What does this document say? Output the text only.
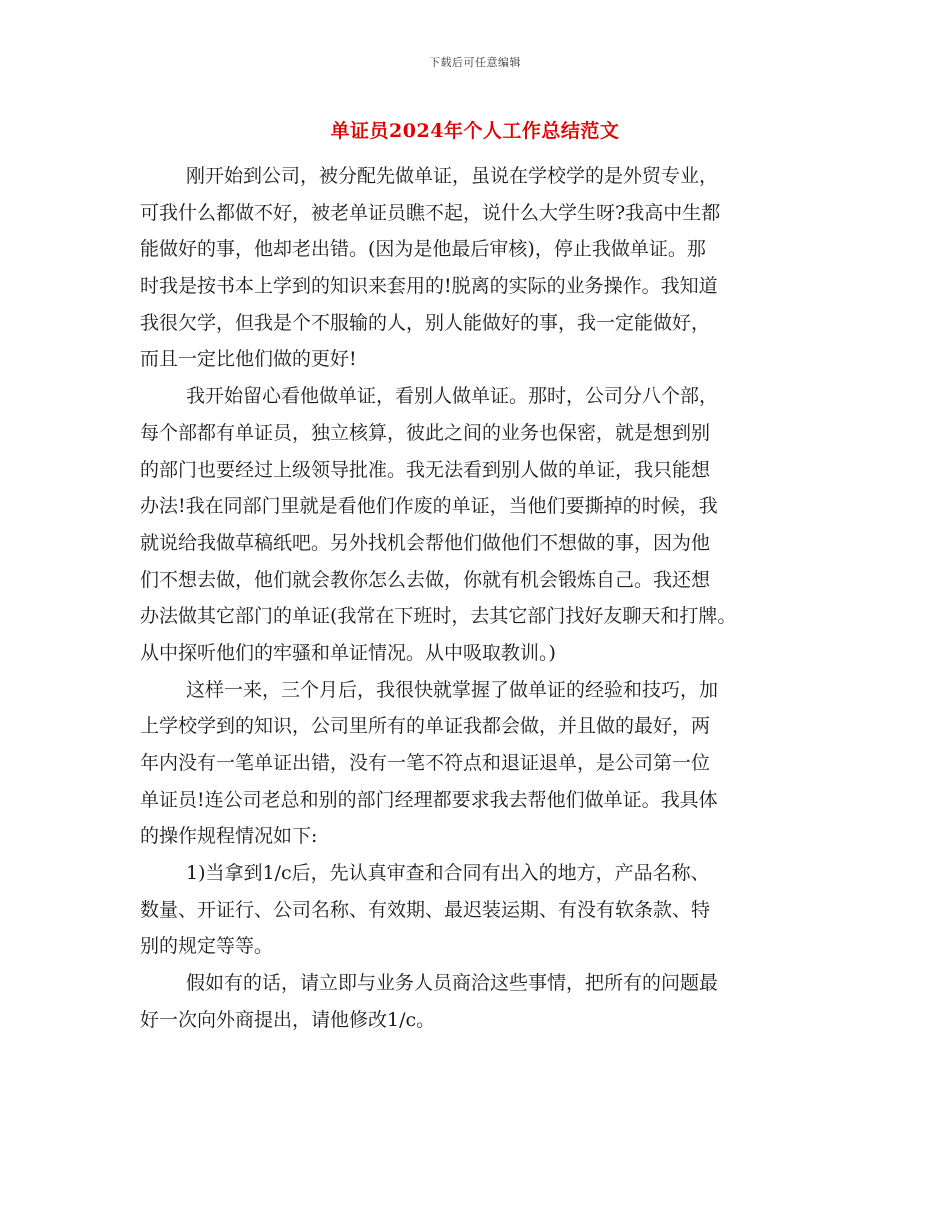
下载后可任意编辑
单证员2024年个人工作总结范文
刚开始到公司，被分配先做单证，虽说在学校学的是外贸专业，
可我什么都做不好，被老单证员瞧不起，说什么大学生呀?我高中生都
能做好的事，他却老出错。(因为是他最后审核)，停止我做单证。那
时我是按书本上学到的知识来套用的!脱离的实际的业务操作。我知道
我很欠学，但我是个不服输的人，别人能做好的事，我一定能做好，
而且一定比他们做的更好!
我开始留心看他做单证，看别人做单证。那时，公司分八个部，
每个部都有单证员，独立核算，彼此之间的业务也保密，就是想到别
的部门也要经过上级领导批准。我无法看到别人做的单证，我只能想
办法!我在同部门里就是看他们作废的单证，当他们要撕掉的时候，我
就说给我做草稿纸吧。另外找机会帮他们做他们不想做的事，因为他
们不想去做，他们就会教你怎么去做，你就有机会锻炼自己。我还想
办法做其它部门的单证(我常在下班时，去其它部门找好友聊天和打牌。
从中探听他们的牢骚和单证情况。从中吸取教训。)
这样一来，三个月后，我很快就掌握了做单证的经验和技巧，加
上学校学到的知识，公司里所有的单证我都会做，并且做的最好，两
年内没有一笔单证出错，没有一笔不符点和退证退单，是公司第一位
单证员!连公司老总和别的部门经理都要求我去帮他们做单证。我具体
的操作规程情况如下:
1)当拿到1/c后，先认真审查和合同有出入的地方，产品名称、
数量、开证行、公司名称、有效期、最迟装运期、有没有软条款、特
别的规定等等。
假如有的话，请立即与业务人员商洽这些事情，把所有的问题最
好一次向外商提出，请他修改1/c。
